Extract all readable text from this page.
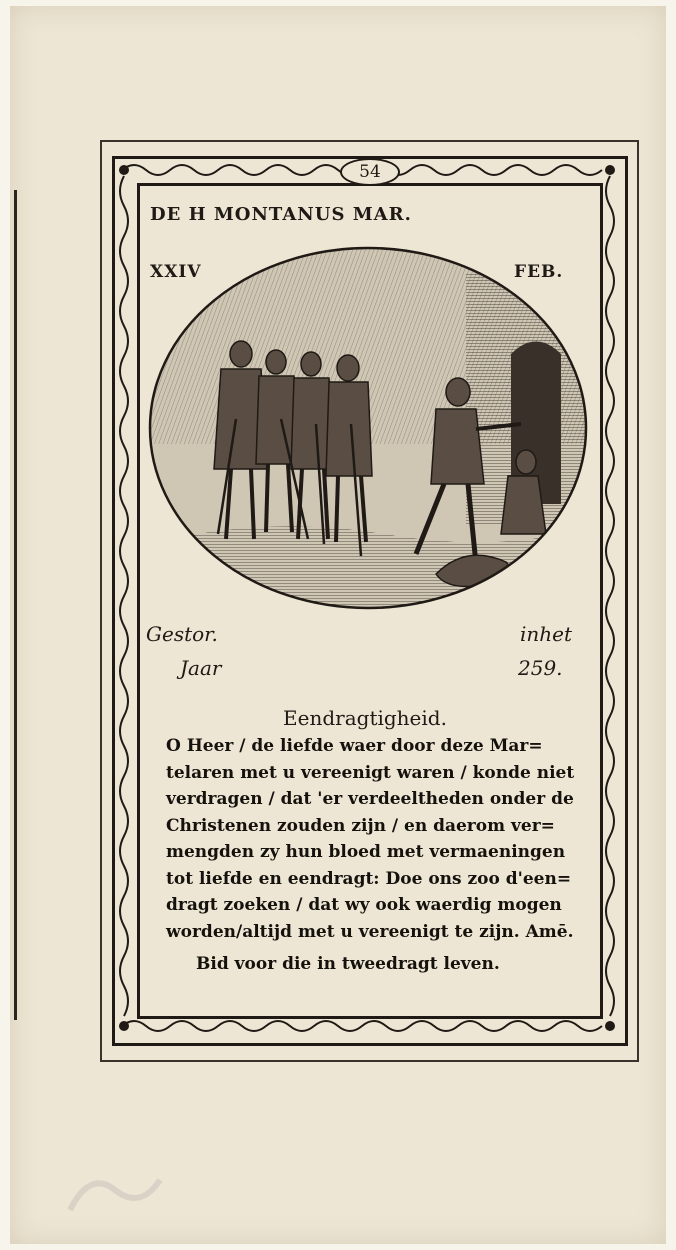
54
DE H MONTANUS MAR.
XXIV	FEB.
Gestor.	inhet
Jaar	259.
Eendragtigheid.
O Heer / de liefde waer door deze Mar=
telaren met u vereenigt waren / konde niet
verdragen / dat 'er verdeeltheden onder de
Christenen zouden zijn / en daerom ver=
mengden zy hun bloed met vermaeningen
tot liefde en eendragt: Doe ons zoo d'een=
dragt zoeken / dat wy ook waerdig mogen
worden/altijd met u vereenigt te zijn. Amē.
Bid voor die in tweedragt leven.
